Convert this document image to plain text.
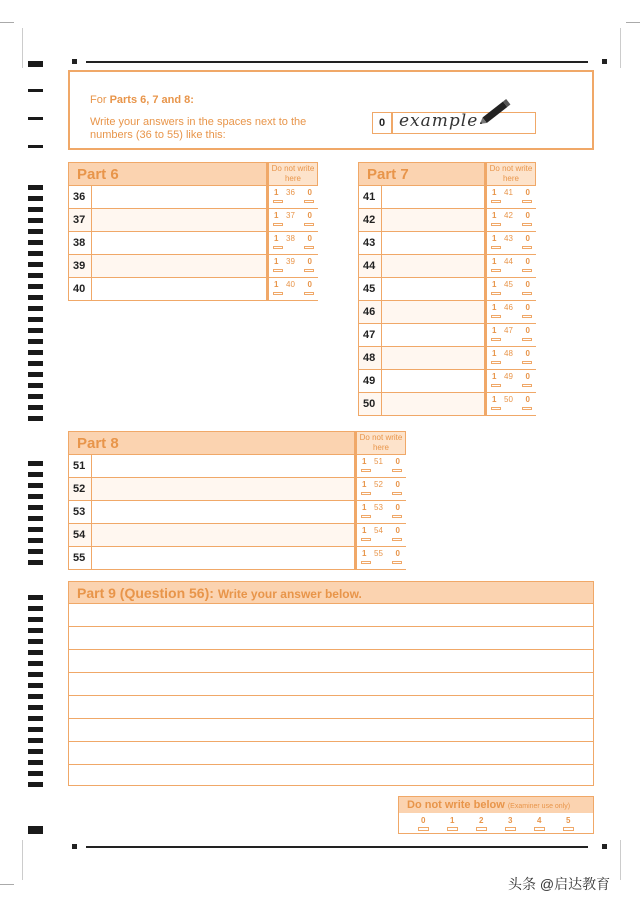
For Parts 6, 7 and 8:
Write your answers in the spaces next to the numbers (36 to 55) like this:
0 example
Part 6	Do not write here
36	1 36 0
37	1 37 0
38	1 38 0
39	1 39 0
40	1 40 0
Part 7	Do not write here
41	1 41 0
42	1 42 0
43	1 43 0
44	1 44 0
45	1 45 0
46	1 46 0
47	1 47 0
48	1 48 0
49	1 49 0
50	1 50 0
Part 8	Do not write here
51	1 51 0
52	1 52 0
53	1 53 0
54	1 54 0
55	1 55 0
Part 9 (Question 56): Write your answer below.
Do not write below (Examiner use only)
0	1	2	3	4	5
头条 @启达教育
